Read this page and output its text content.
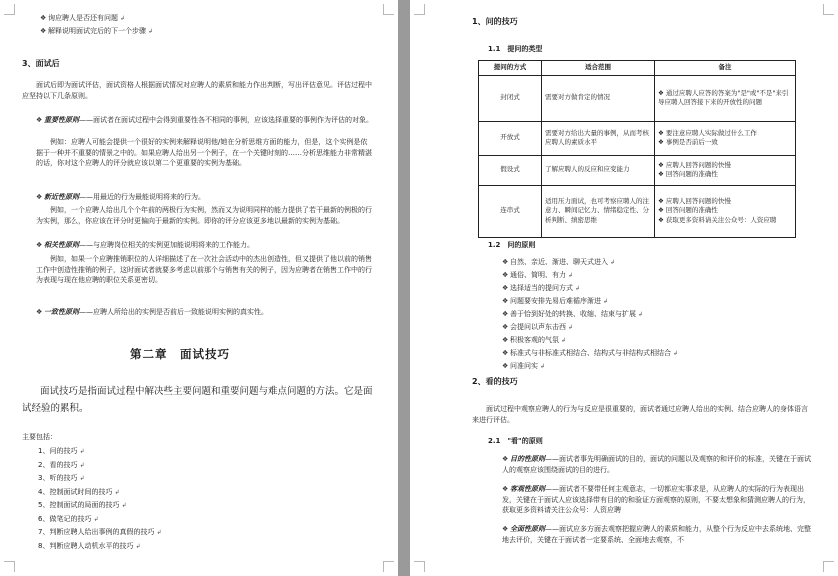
❖ 询应聘人是否还有问题 ↲
❖ 解释说明面试完后的下一个步骤 ↲
3、面试后
面试后即为面试评估，面试资格人根据面试情况对应聘人的素质和能力作出判断，写出评估意见。评估过程中应坚持以下几条原则。
❖ 重要性原则——面试者在面试过程中会得到重要性各不相同的事例，应该选择重要的事例作为评估的对象。
例如：应聘人可能会提供一个很好的实例来解释说明他/她在分析思维方面的能力，但是，这个实例是依据于一种并不重要的情景之中的。如果应聘人给出另一个例子，在一个关键时刻的……分析思维能力非常精湛的话，你对这个应聘人的评分就应该以第二个更重要的实例为基础。
❖ 新近性原则——用最近的行为最能说明将来的行为。
例如，一个应聘人给出几个个年前的两极行为实例，然而又为说明同样的能力提供了若干最新的例极的行为实例，那么，你应该在评分时更偏向于最新的实例。即你的评分应该更多地以最新的实例为基础。
❖ 相关性原则——与应聘岗位相关的实例更加能说明将来的工作能力。
例如，如果一个应聘推销职位的人详细描述了在一次社会活动中的杰出创造性，但又提供了他以前的销售工作中创造性推销的例子，这时面试者就要多考虑以前那个与销售有关的例子，因为应聘者在销售工作中的行为表现与现在他应聘的职位关系更密切。
❖ 一致性原则——应聘人所给出的实例是否前后一致能说明实例的真实性。
第二章　面试技巧
面试技巧是指面试过程中解决些主要问题和重要问题与难点问题的方法。它是面试经验的累积。
主要包括：
1、问的技巧 ↲
2、看的技巧 ↲
3、听的技巧 ↲
4、控制面试时间的技巧 ↲
5、控制面试的局面的技巧 ↲
6、做笔记的技巧 ↲
7、判断应聘人给出事例的真假的技巧 ↲
8、判断应聘人动机水平的技巧 ↲
1、问的技巧
1.1　提问的类型
提问的方式	适合范围	备注
封闭式	需要对方做肯定的情况	❖ 通过应聘人应答的答案为"是"或"不是"来引导应聘人回答接下来的开放性的问题

开放式	需要对方给出大量的事例，从而考核应聘人的素质水平	❖ 要注意应聘人实际做过什么工作
❖ 事例是否前后一致

假设式	了解应聘人的反应和应变能力	❖ 应聘人回答问题的快慢
❖ 回答问题的准确性

连串式	适用压力面试，也可考察应聘人的注意力、瞬间记忆力、情绪稳定性、分析判断、缜密思维	❖ 应聘人回答问题的快慢
❖ 回答问题的准确性
❖ 获取更多资料请关注公众号：人资应聘
1.2　问的原则
❖ 自然、亲近、渐进、聊天式进入 ↲
❖ 通俗、简明、有力 ↲
❖ 选择适当的提问方式 ↲
❖ 问题要安排先易后难循序渐进 ↲
❖ 善于恰到好处的转换、收缩、结束与扩展 ↲
❖ 会提问以声东击西 ↲
❖ 积极客观的气氛 ↲
❖ 标准式与非标准式相结合、结构式与非结构式相结合 ↲
❖ 问准问实 ↲
2、看的技巧
面试过程中观察应聘人的行为与反应是很重要的，面试者通过应聘人给出的实例、结合应聘人的身体语言来进行评估。
2.1　"看"的原则
❖ 目的性原则——面试者事先明确面试的目的，面试的问题以及观察的和评价的标准，关键在于面试人的观察应该围绕面试的目的进行。
❖ 客观性原则——面试者不要带任何主观意志，一切都应实事求是，从应聘人的实际的行为表现出发，关键在于面试人应该选择带有目的的和验证方面观察的原则，不要太想象和猜测应聘人的行为，获取更多资料请关注公众号：人资应聘
❖ 全面性原则——面试应多方面去观察把握应聘人的素质和能力，从整个行为反应中去系统地、完整地去评价，关键在于面试者一定要系统、全面地去观察，不
